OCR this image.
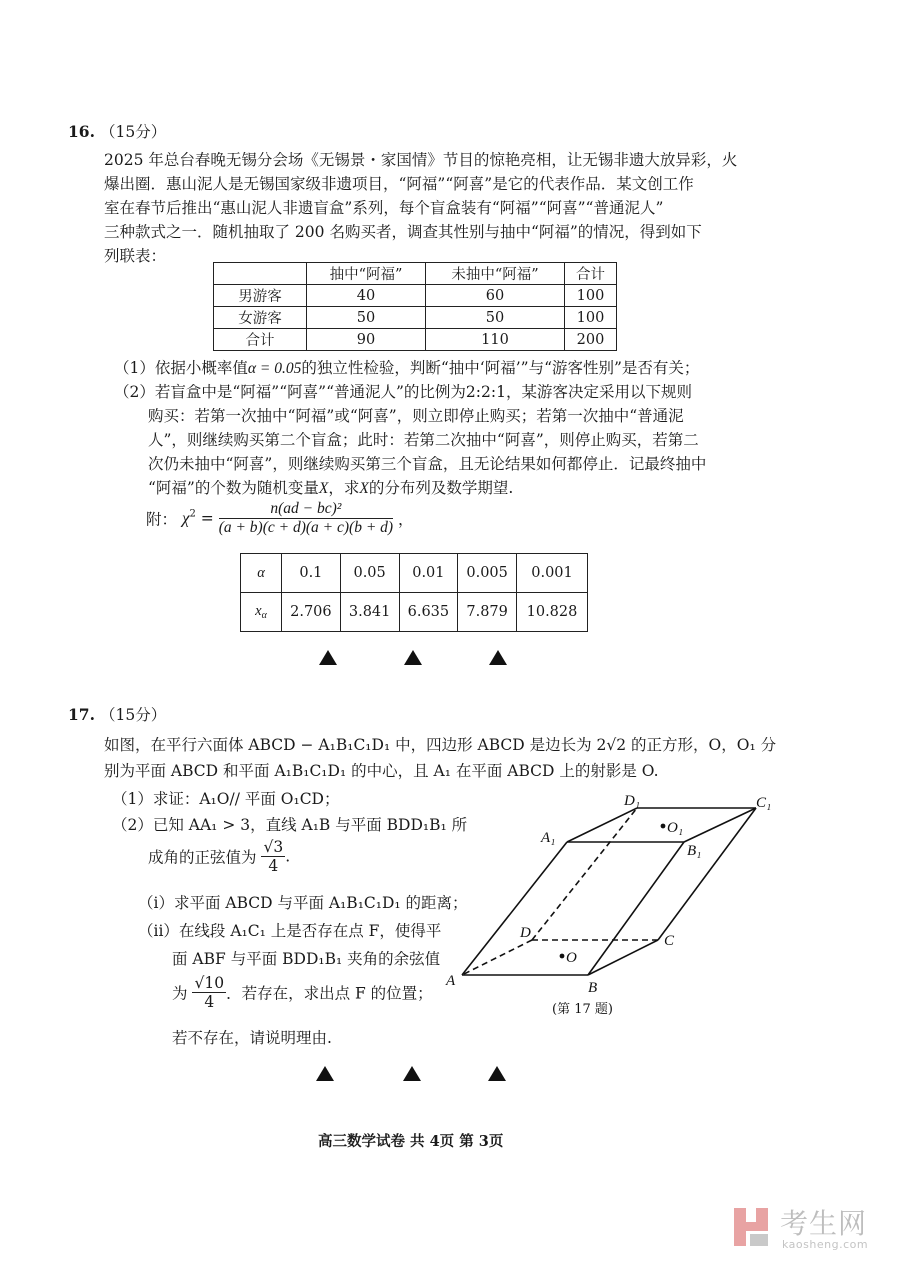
16. （15分）
2025 年总台春晚无锡分会场《无锡景・家国情》节目的惊艳亮相，让无锡非遗大放异彩，火
爆出圈．惠山泥人是无锡国家级非遗项目，“阿福”“阿喜”是它的代表作品．某文创工作
室在春节后推出“惠山泥人非遗盲盒”系列，每个盲盒装有“阿福”“阿喜”“普通泥人”
三种款式之一．随机抽取了 200 名购买者，调查其性别与抽中“阿福”的情况，得到如下
列联表：
	抽中“阿福”	未抽中“阿福”	合计
男游客	40	60	100
女游客	50	50	100
合计	90	110	200
（1）依据小概率值α = 0.05的独立性检验，判断“抽中‘阿福’”与“游客性别”是否有关；
（2）若盲盒中是“阿福”“阿喜”“普通泥人”的比例为2:2:1，某游客决定采用以下规则
购买：若第一次抽中“阿福”或“阿喜”，则立即停止购买；若第一次抽中“普通泥
人”，则继续购买第二个盲盒；此时：若第二次抽中“阿喜”，则停止购买，若第二
次仍未抽中“阿喜”，则继续购买第三个盲盒，且无论结果如何都停止．记最终抽中
“阿福”的个数为随机变量X，求X的分布列及数学期望.
附： $\chi^2 = \frac{\text{n(ad − bc)²}}{(a + b)(c + d)(a + c)(b + d)}$ ，
α	0.1	0.05	0.01	0.005	0.001
$x_\alpha$	2.706	3.841	6.635	7.879	10.828
17. （15分）
如图，在平行六面体 ABCD − A₁B₁C₁D₁ 中，四边形 ABCD 是边长为 2√2 的正方形，O，O₁ 分
别为平面 ABCD 和平面 A₁B₁C₁D₁ 的中心，且 A₁ 在平面 ABCD 上的射影是 O.
（1）求证：A₁O// 平面 O₁CD；
（2）已知 AA₁ > 3，直线 A₁B 与平面 BDD₁B₁ 所
成角的正弦值为 $\frac{√3}{4}$ .
（i）求平面 ABCD 与平面 A₁B₁C₁D₁ 的距离；
（ii）在线段 A₁C₁ 上是否存在点 F，使得平
面 ABF 与平面 BDD₁B₁ 夹角的余弦值
为 $\frac{√10}{4}$ ．若存在，求出点 F 的位置；
若不存在，请说明理由.
A	B
C
D
A₁
B₁
C₁
D₁
O
O₁
(第 17 题)
高三数学试卷 共 4页 第 3页
考生网
kaosheng.com
